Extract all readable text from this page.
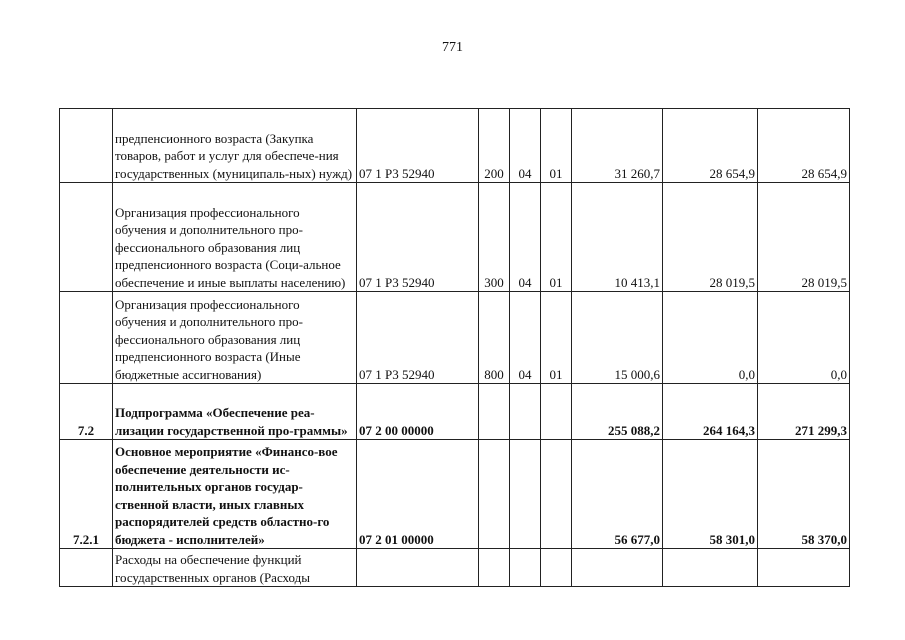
771
	предпенсионного возраста (Закупка товаров, работ и услуг для обеспече-ния государственных (муниципаль-ных) нужд)	07 1 P3 52940	200	04	01	31 260,7	28 654,9	28 654,9
	Организация профессионального обучения и дополнительного про-фессионального образования лиц предпенсионного возраста (Соци-альное обеспечение и иные выплаты населению)	07 1 P3 52940	300	04	01	10 413,1	28 019,5	28 019,5
	Организация профессионального обучения и дополнительного про-фессионального образования лиц предпенсионного возраста (Иные бюджетные ассигнования)	07 1 P3 52940	800	04	01	15 000,6	0,0	0,0
7.2	Подпрограмма «Обеспечение реа-лизации государственной про-граммы»	07 2 00 00000				255 088,2	264 164,3	271 299,3
7.2.1	Основное мероприятие «Финансо-вое обеспечение деятельности ис-полнительных органов государ-ственной власти, иных главных распорядителей средств областно-го бюджета - исполнителей»	07 2 01 00000				56 677,0	58 301,0	58 370,0
	Расходы на обеспечение функций государственных органов (Расходы							
